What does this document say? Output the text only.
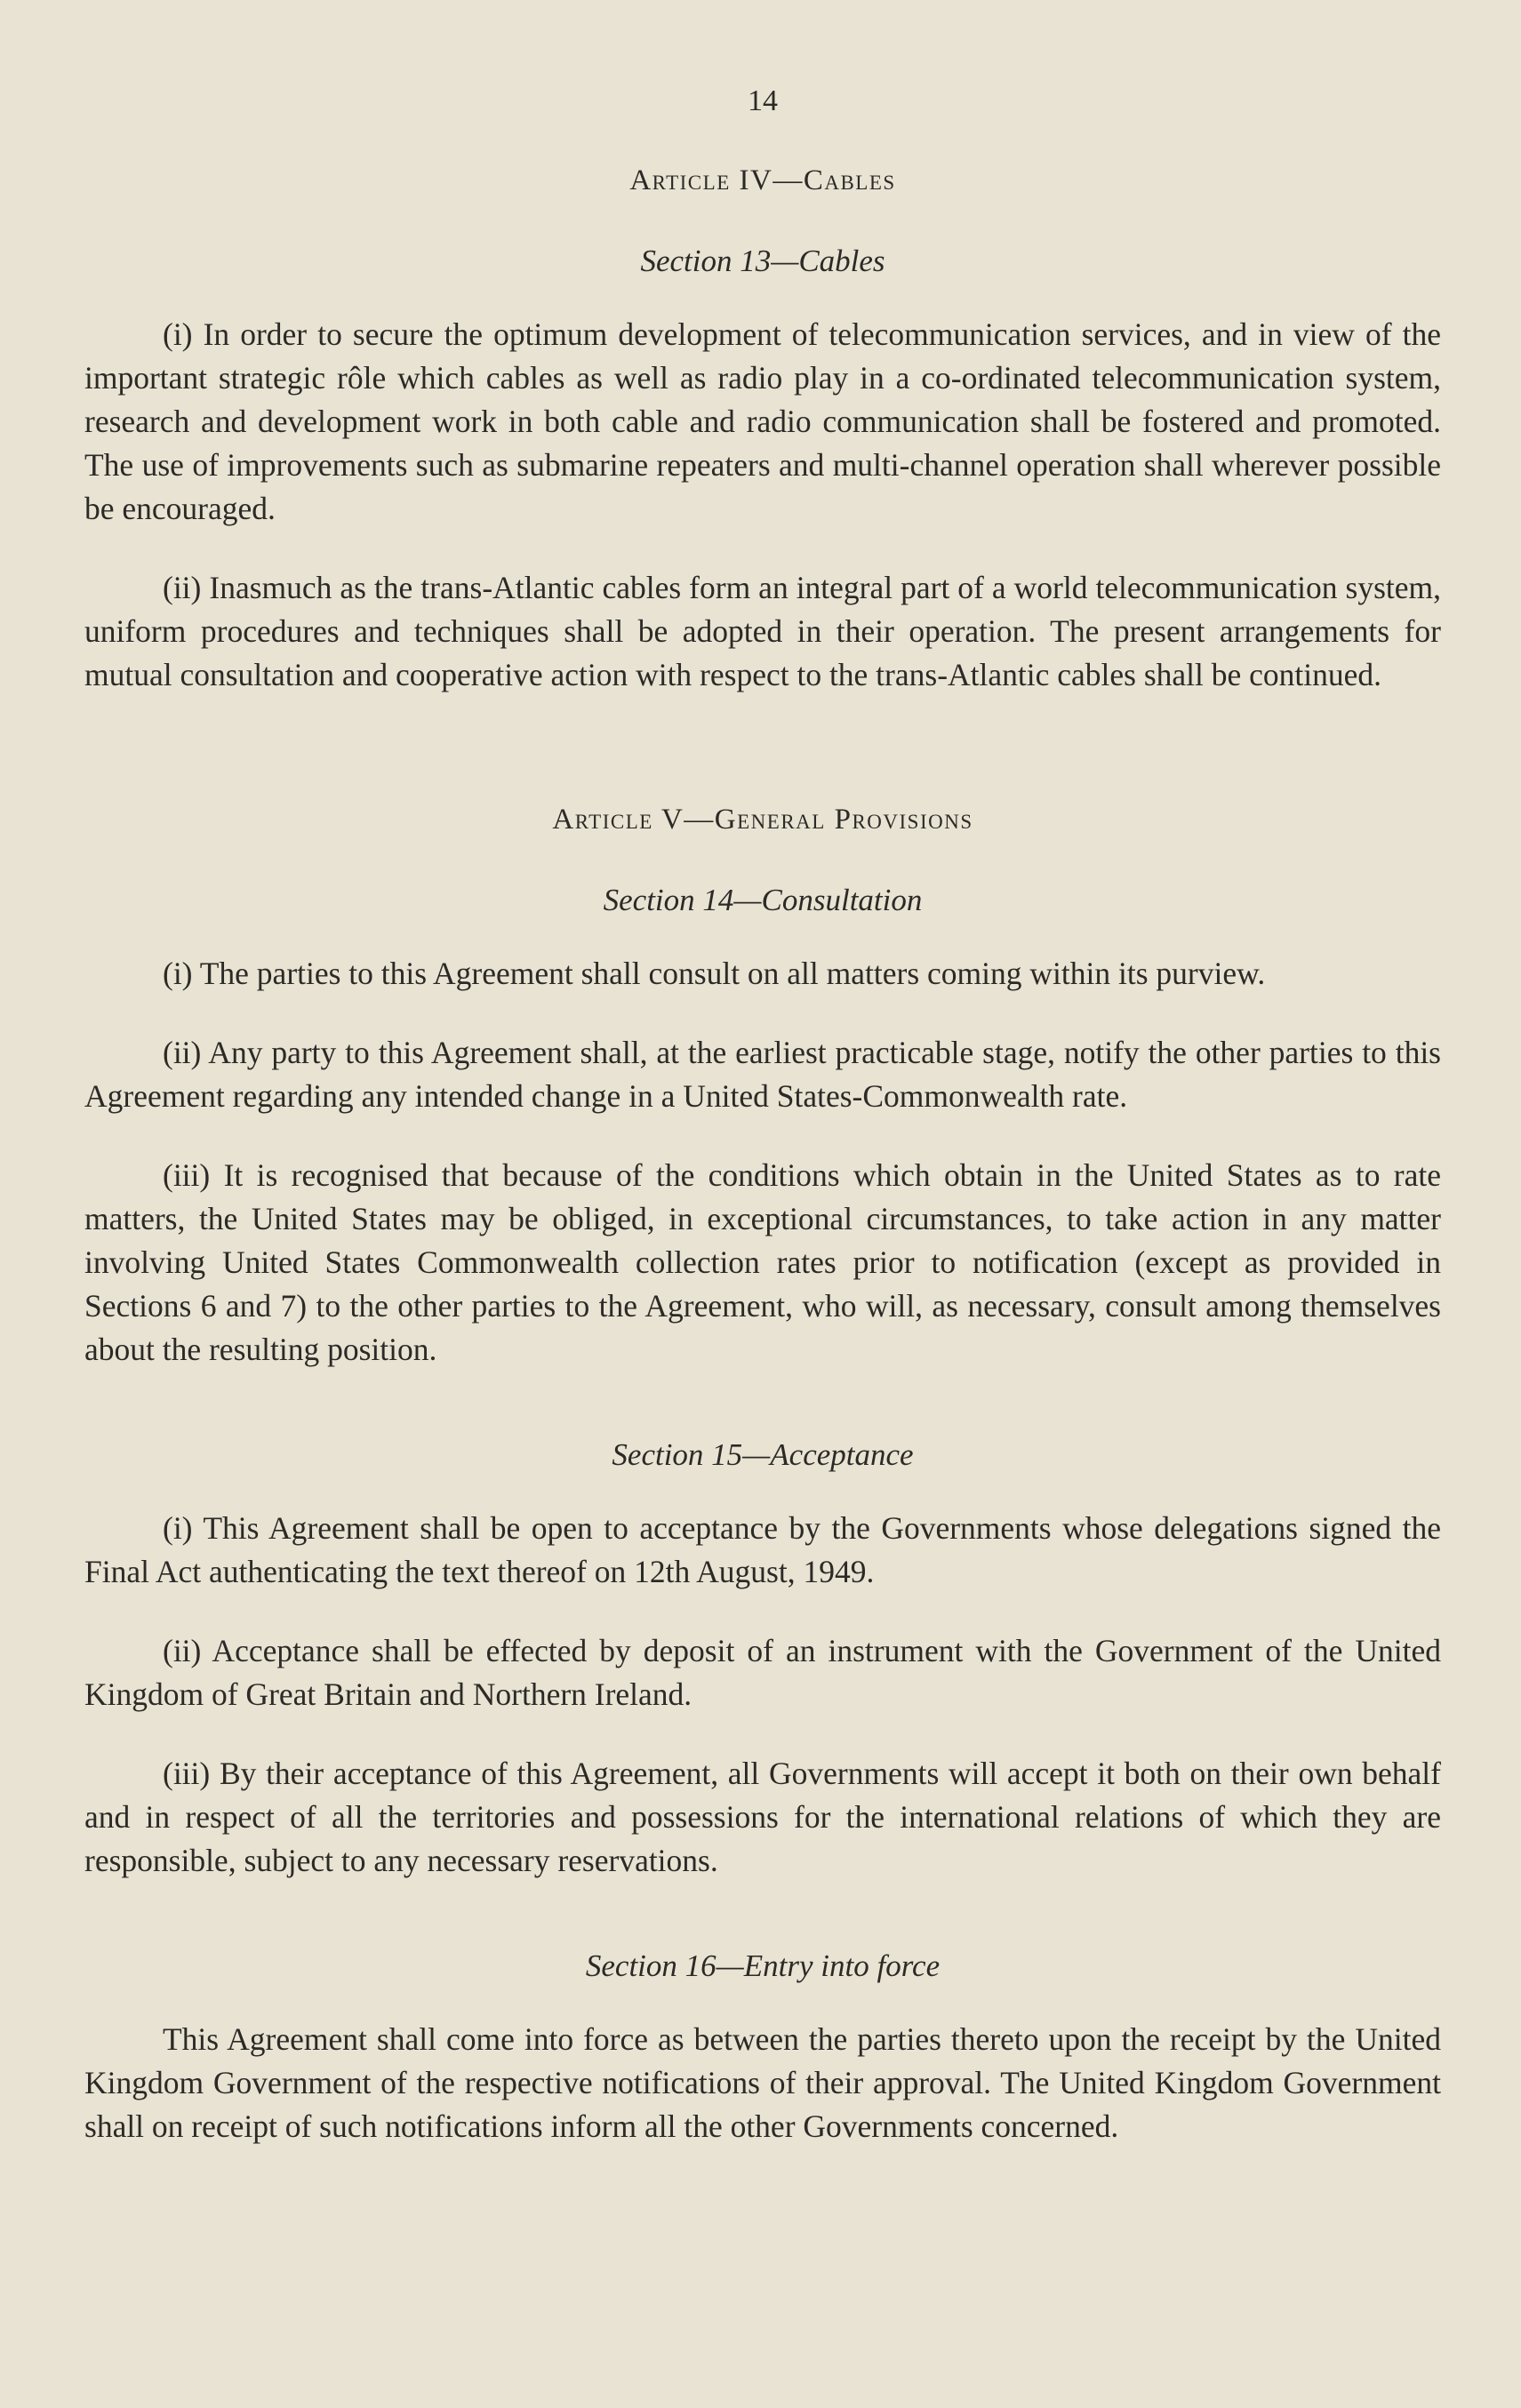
14
Article IV—Cables
Section 13—Cables

(i) In order to secure the optimum development of telecommunication services, and in view of the important strategic rôle which cables as well as radio play in a co-ordinated telecommunication system, research and development work in both cable and radio communication shall be fostered and promoted. The use of improvements such as submarine repeaters and multi-channel operation shall wherever possible be encouraged.

(ii) Inasmuch as the trans-Atlantic cables form an integral part of a world telecommunication system, uniform procedures and techniques shall be adopted in their operation. The present arrangements for mutual consultation and cooperative action with respect to the trans-Atlantic cables shall be continued.

Article V—General Provisions
Section 14—Consultation

(i) The parties to this Agreement shall consult on all matters coming within its purview.

(ii) Any party to this Agreement shall, at the earliest practicable stage, notify the other parties to this Agreement regarding any intended change in a United States-Commonwealth rate.

(iii) It is recognised that because of the conditions which obtain in the United States as to rate matters, the United States may be obliged, in exceptional circumstances, to take action in any matter involving United States Commonwealth collection rates prior to notification (except as provided in Sections 6 and 7) to the other parties to the Agreement, who will, as necessary, consult among themselves about the resulting position.

Section 15—Acceptance

(i) This Agreement shall be open to acceptance by the Governments whose delegations signed the Final Act authenticating the text thereof on 12th August, 1949.

(ii) Acceptance shall be effected by deposit of an instrument with the Government of the United Kingdom of Great Britain and Northern Ireland.

(iii) By their acceptance of this Agreement, all Governments will accept it both on their own behalf and in respect of all the territories and possessions for the international relations of which they are responsible, subject to any necessary reservations.

Section 16—Entry into force

This Agreement shall come into force as between the parties thereto upon the receipt by the United Kingdom Government of the respective notifications of their approval. The United Kingdom Government shall on receipt of such notifications inform all the other Governments concerned.
